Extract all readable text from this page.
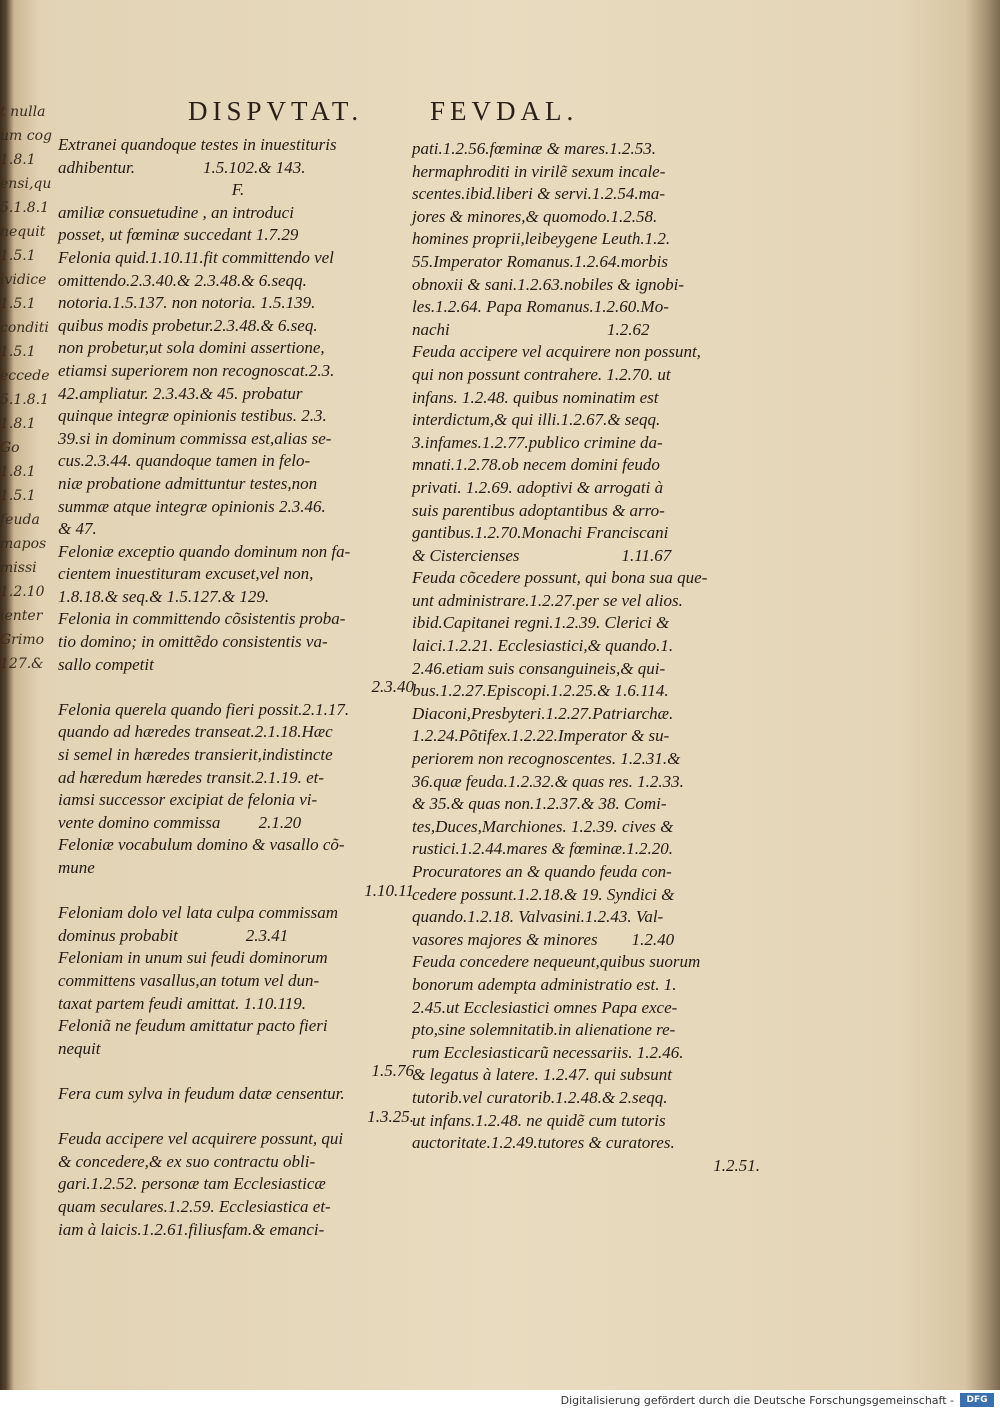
t nulla
um cog
1.8.1
ensi,qu
5.1.8.1
nequit
1.5.1
ividice
1.5.1
conditi
1.5.1
eccede
5.1.8.1
1.8.1
Go
1.8.1
1.5.1
feuda
mapos
missi
1.2.10
ienter
Grimo
127.&
DISPVTAT. FEVDAL.
Extranei quandoque testes in inuestituris
adhibentur.                1.5.102.& 143.
F.
amiliæ consuetudine , an introduci
posset, ut fœminæ succedant 1.7.29
Felonia quid.1.10.11.fit committendo vel
omittendo.2.3.40.& 2.3.48.& 6.seqq.
notoria.1.5.137. non notoria. 1.5.139.
quibus modis probetur.2.3.48.& 6.seq.
non probetur,ut sola domini assertione,
etiamsi superiorem non recognoscat.2.3.
42.ampliatur. 2.3.43.& 45. probatur
quinque integræ opinionis testibus. 2.3.
39.si in dominum commissa est,alias se-
cus.2.3.44. quandoque tamen in felo-
niæ probatione admittuntur testes,non
summæ atque integræ opinionis 2.3.46.
& 47.
Feloniæ exceptio quando dominum non fa-
cientem inuestituram excuset,vel non,
1.8.18.& seq.& 1.5.127.& 129.
Felonia in committendo cõsistentis proba-
tio domino; in omittẽdo consistentis va-
sallo competit
2.3.40
Felonia querela quando fieri possit.2.1.17.
quando ad hæredes transeat.2.1.18.Hæc
si semel in hæredes transierit,indistincte
ad hæredum hæredes transit.2.1.19. et-
iamsi successor excipiat de felonia vi-
vente domino commissa         2.1.20
Feloniæ vocabulum domino & vasallo cõ-
mune
1.10.11
Feloniam dolo vel lata culpa commissam
dominus probabit                2.3.41
Feloniam in unum sui feudi dominorum
committens vasallus,an totum vel dun-
taxat partem feudi amittat. 1.10.119.
Feloniã ne feudum amittatur pacto fieri
nequit
1.5.76
Fera cum sylva in feudum datæ censentur.
1.3.25.
Feuda accipere vel acquirere possunt, qui
& concedere,& ex suo contractu obli-
gari.1.2.52. personæ tam Ecclesiasticæ
quam seculares.1.2.59. Ecclesiastica et-
iam à laicis.1.2.61.filiusfam.& emanci-
pati.1.2.56.fœminæ & mares.1.2.53.
hermaphroditi in virilẽ sexum incale-
scentes.ibid.liberi & servi.1.2.54.ma-
jores & minores,& quomodo.1.2.58.
homines proprii,leibeygene Leuth.1.2.
55.Imperator Romanus.1.2.64.morbis
obnoxii & sani.1.2.63.nobiles & ignobi-
les.1.2.64. Papa Romanus.1.2.60.Mo-
nachi                                     1.2.62
Feuda accipere vel acquirere non possunt,
qui non possunt contrahere. 1.2.70. ut
infans. 1.2.48. quibus nominatim est
interdictum,& qui illi.1.2.67.& seqq.
3.infames.1.2.77.publico crimine da-
mnati.1.2.78.ob necem domini feudo
privati. 1.2.69. adoptivi & arrogati à
suis parentibus adoptantibus & arro-
gantibus.1.2.70.Monachi Franciscani
& Cistercienses                        1.11.67
Feuda cõcedere possunt, qui bona sua que-
unt administrare.1.2.27.per se vel alios.
ibid.Capitanei regni.1.2.39. Clerici &
laici.1.2.21. Ecclesiastici,& quando.1.
2.46.etiam suis consanguineis,& qui-
bus.1.2.27.Episcopi.1.2.25.& 1.6.114.
Diaconi,Presbyteri.1.2.27.Patriarchæ.
1.2.24.Põtifex.1.2.22.Imperator & su-
periorem non recognoscentes. 1.2.31.&
36.quæ feuda.1.2.32.& quas res. 1.2.33.
& 35.& quas non.1.2.37.& 38. Comi-
tes,Duces,Marchiones. 1.2.39. cives &
rustici.1.2.44.mares & fœminæ.1.2.20.
Procuratores an & quando feuda con-
cedere possunt.1.2.18.& 19. Syndici &
quando.1.2.18. Valvasini.1.2.43. Val-
vasores majores & minores        1.2.40
Feuda concedere nequeunt,quibus suorum
bonorum adempta administratio est. 1.
2.45.ut Ecclesiastici omnes Papa exce-
pto,sine solemnitatib.in alienatione re-
rum Ecclesiasticarũ necessariis. 1.2.46.
& legatus à latere. 1.2.47. qui subsunt
tutorib.vel curatorib.1.2.48.& 2.seqq.
ut infans.1.2.48. ne quidẽ cum tutoris
auctoritate.1.2.49.tutores & curatores.
1.2.51.
Digitalisierung gefördert durch die Deutsche Forschungsgemeinschaft -	DFG
